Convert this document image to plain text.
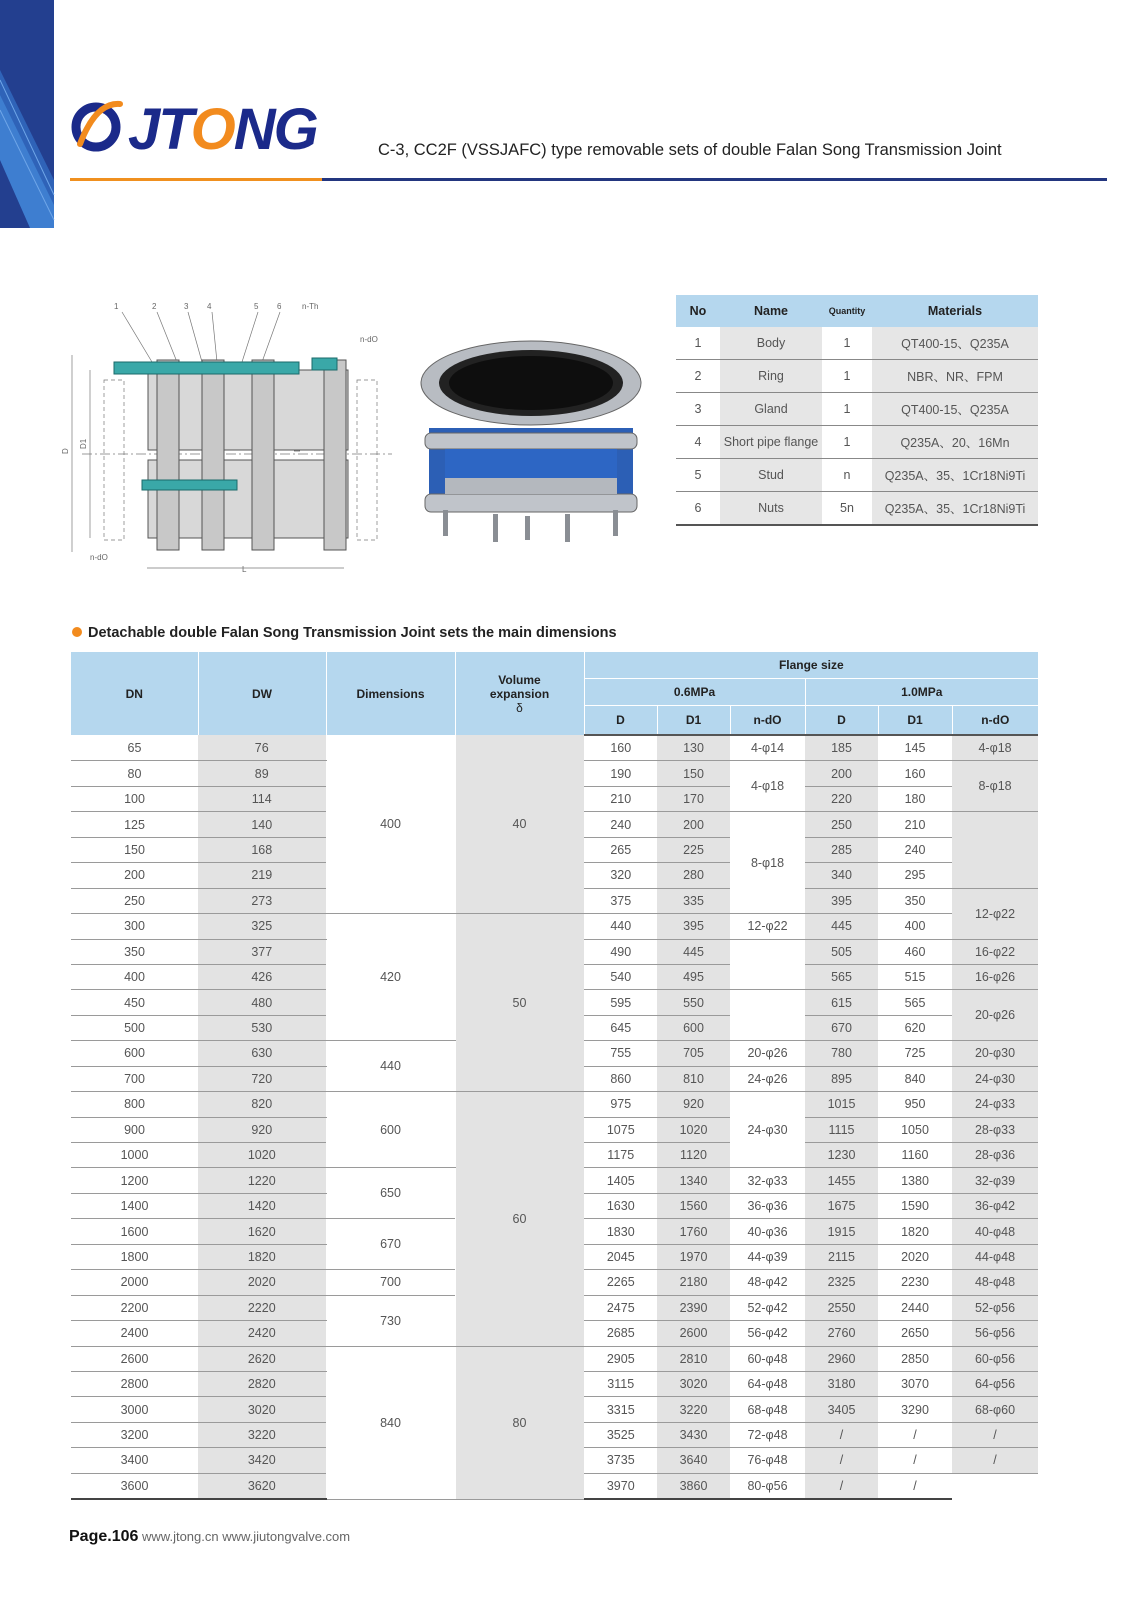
JTONG	C-3, CC2F (VSSJAFC) type removable sets of double Falan Song Transmission Joint
1	2	3 4	5 6	n-Th
n-dO
n-dO
D
D1
L
No	Name	Quantity	Materials
1	Body	1	QT400-15、Q235A
2	Ring	1	NBR、NR、FPM
3	Gland	1	QT400-15、Q235A
4	Short pipe flange	1	Q235A、20、16Mn
5	Stud	n	Q235A、35、1Cr18Ni9Ti
6	Nuts	5n	Q235A、35、1Cr18Ni9Ti
Detachable double Falan Song Transmission Joint sets the main dimensions
DN	DW	Dimensions	Volume expansion
δ	Flange size					
				0.6MPa			1.0MPa		
				D	D1	n-dO	D	D1	n-dO
65	76	400	40	160	130	4-φ14	185	145	4-φ18
80	89			190	150	4-φ18	200	160	8-φ18
100	114			210	170		220	180	
125	140			240	200	8-φ18	250	210	
150	168			265	225		285	240	
200	219			320	280		340	295	
250	273			375	335		395	350	12-φ22
300	325	420	50	440	395	12-φ22	445	400	
350	377			490	445		505	460	16-φ22
400	426			540	495		565	515	16-φ26
450	480			595	550		615	565	20-φ26
500	530			645	600		670	620	
600	630	440		755	705	20-φ26	780	725	20-φ30
700	720			860	810	24-φ26	895	840	24-φ30
800	820	600	60	975	920	24-φ30	1015	950	24-φ33
900	920			1075	1020		1115	1050	28-φ33
1000	1020			1175	1120		1230	1160	28-φ36
1200	1220	650		1405	1340	32-φ33	1455	1380	32-φ39
1400	1420			1630	1560	36-φ36	1675	1590	36-φ42
1600	1620	670		1830	1760	40-φ36	1915	1820	40-φ48
1800	1820			2045	1970	44-φ39	2115	2020	44-φ48
2000	2020	700		2265	2180	48-φ42	2325	2230	48-φ48
2200	2220	730		2475	2390	52-φ42	2550	2440	52-φ56
2400	2420			2685	2600	56-φ42	2760	2650	56-φ56
2600	2620	840	80	2905	2810	60-φ48	2960	2850	60-φ56
2800	2820			3115	3020	64-φ48	3180	3070	64-φ56
3000	3020			3315	3220	68-φ48	3405	3290	68-φ60
3200	3220			3525	3430	72-φ48	/	/	/
3400	3420			3735	3640	76-φ48	/	/	/
3600	3620			3970	3860	80-φ56	/	/	
Page.106 www.jtong.cn www.jiutongvalve.com
